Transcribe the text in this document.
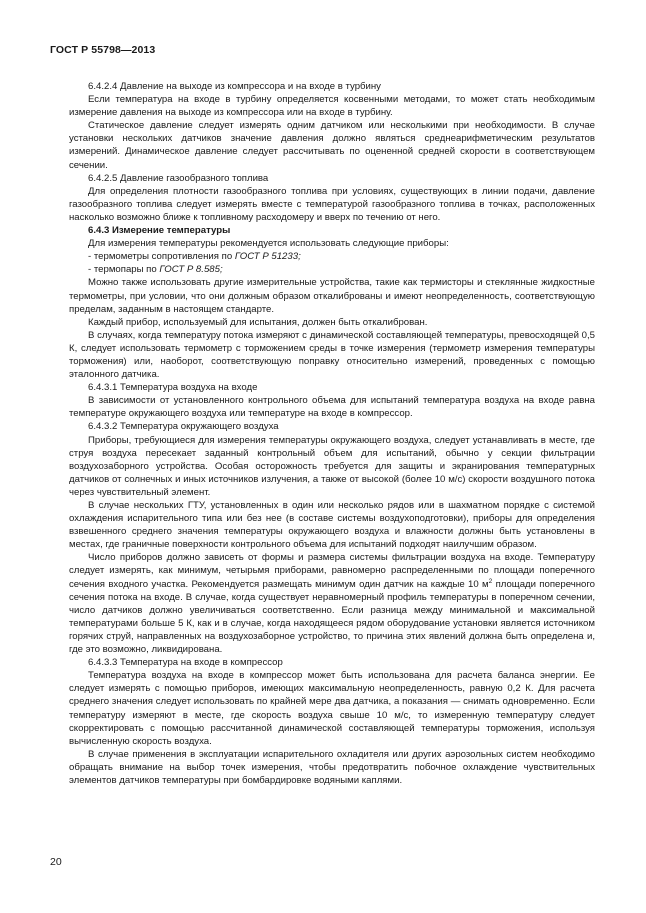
ГОСТ Р 55798—2013

6.4.2.4 Давление на выходе из компрессора и на входе в турбину

Если температура на входе в турбину определяется косвенными методами, то может стать необходимым измерение давления на выходе из компрессора или на входе в турбину.

Статическое давление следует измерять одним датчиком или несколькими при необходимости. В случае установки нескольких датчиков значение давления должно являться среднеарифметическим результатов измерений. Динамическое давление следует рассчитывать по оцененной средней скорости в соответствующем сечении.

6.4.2.5 Давление газообразного топлива

Для определения плотности газообразного топлива при условиях, существующих в линии подачи, давление газообразного топлива следует измерять вместе с температурой газообразного топлива в точках, расположенных насколько возможно ближе к топливному расходомеру и вверх по течению от него.

6.4.3 Измерение температуры

Для измерения температуры рекомендуется использовать следующие приборы:

- термометры сопротивления по ГОСТ Р 51233;

- термопары по ГОСТ Р 8.585;

Можно также использовать другие измерительные устройства, такие как термисторы и стеклянные жидкостные термометры, при условии, что они должным образом откалиброваны и имеют неопределенность, соответствующую пределам, заданным в настоящем стандарте.

Каждый прибор, используемый для испытания, должен быть откалиброван.

В случаях, когда температуру потока измеряют с динамической составляющей температуры, превосходящей 0,5 К, следует использовать термометр с торможением среды в точке измерения (термометр измерения температуры торможения) или, наоборот, соответствующую поправку относительно измерений, проведенных с помощью эталонного датчика.

6.4.3.1 Температура воздуха на входе

В зависимости от установленного контрольного объема для испытаний температура воздуха на входе равна температуре окружающего воздуха или температуре на входе в компрессор.

6.4.3.2 Температура окружающего воздуха

Приборы, требующиеся для измерения температуры окружающего воздуха, следует устанавливать в месте, где струя воздуха пересекает заданный контрольный объем для испытаний, обычно у секции фильтрации воздухозаборного устройства. Особая осторожность требуется для защиты и экранирования температурных датчиков от солнечных и иных источников излучения, а также от высокой (более 10 м/с) скорости воздушного потока через чувствительный элемент.

В случае нескольких ГТУ, установленных в один или несколько рядов или в шахматном порядке с системой охлаждения испарительного типа или без нее (в составе системы воздухоподготовки), приборы для определения взвешенного среднего значения температуры окружающего воздуха и влажности должны быть установлены в местах, где граничные поверхности контрольного объема для испытаний подходят наилучшим образом.

Число приборов должно зависеть от формы и размера системы фильтрации воздуха на входе. Температуру следует измерять, как минимум, четырьмя приборами, равномерно распределенными по площади поперечного сечения входного участка. Рекомендуется размещать минимум один датчик на каждые 10 $м^2$ площади поперечного сечения потока на входе. В случае, когда существует неравномерный профиль температуры в поперечном сечении, число датчиков должно увеличиваться соответственно. Если разница между минимальной и максимальной температурами больше 5 К, как и в случае, когда находящееся рядом оборудование установки является источником горячих струй, направленных на воздухозаборное устройство, то причина этих явлений должна быть определена и, где это возможно, ликвидирована.

6.4.3.3 Температура на входе в компрессор

Температура воздуха на входе в компрессор может быть использована для расчета баланса энергии. Ее следует измерять с помощью приборов, имеющих максимальную неопределенность, равную 0,2 К. Для расчета среднего значения следует использовать по крайней мере два датчика, а показания — снимать одновременно. Если температуру измеряют в месте, где скорость воздуха свыше 10 м/с, то измеренную температуру следует скорректировать с помощью рассчитанной динамической составляющей температуры торможения, используя вычисленную скорость воздуха.

В случае применения в эксплуатации испарительного охладителя или других аэрозольных систем необходимо обращать внимание на выбор точек измерения, чтобы предотвратить побочное охлаждение чувствительных элементов датчиков температуры при бомбардировке водяными каплями.

20
